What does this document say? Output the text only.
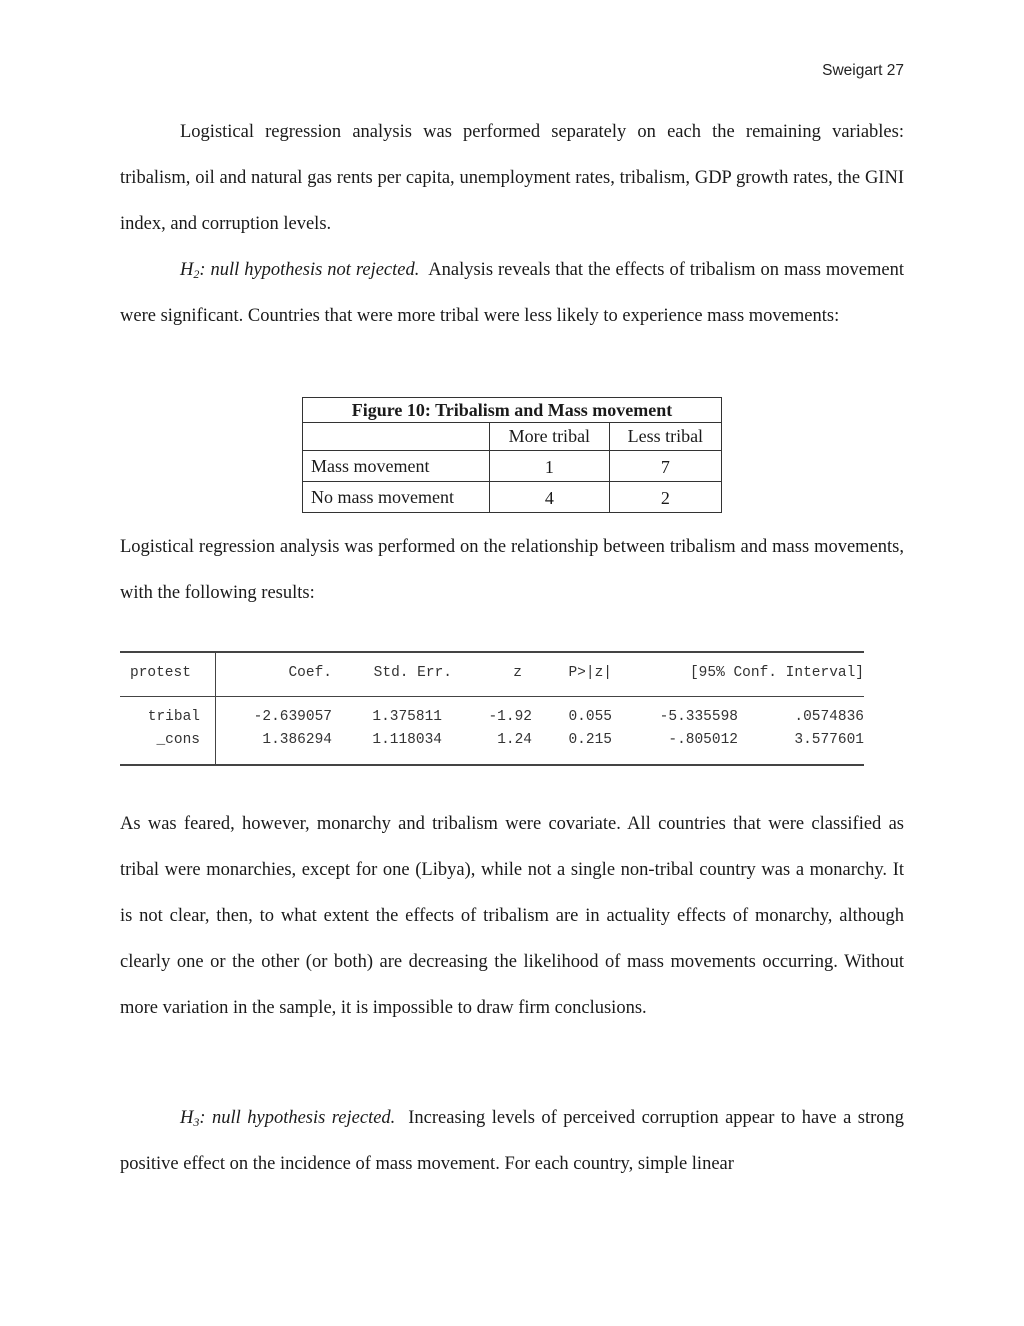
Sweigart 27

Logistical regression analysis was performed separately on each the remaining variables: tribalism, oil and natural gas rents per capita, unemployment rates, tribalism, GDP growth rates, the GINI index, and corruption levels.

$H_2$: null hypothesis not rejected. Analysis reveals that the effects of tribalism on mass movement were significant. Countries that were more tribal were less likely to experience mass movements:

Logistical regression analysis was performed on the relationship between tribalism and mass movements, with the following results:

As was feared, however, monarchy and tribalism were covariate. All countries that were classified as tribal were monarchies, except for one (Libya), while not a single non-tribal country was a monarchy. It is not clear, then, to what extent the effects of tribalism are in actuality effects of monarchy, although clearly one or the other (or both) are decreasing the likelihood of mass movements occurring. Without more variation in the sample, it is impossible to draw firm conclusions.

$H_3$: null hypothesis rejected. Increasing levels of perceived corruption appear to have a strong positive effect on the incidence of mass movement. For each country, simple linear

Figure 10: Tribalism and Mass movement		
	More tribal	Less tribal
Mass movement	1	7
No mass movement	4	2
protest	Coef.	Std. Err.	z	P>|z|	[95% Conf. Interval]
tribal	-2.639057	1.375811	-1.92	0.055	-5.335598	.0574836
_cons	1.386294	1.118034	1.24	0.215	-.805012	3.577601
